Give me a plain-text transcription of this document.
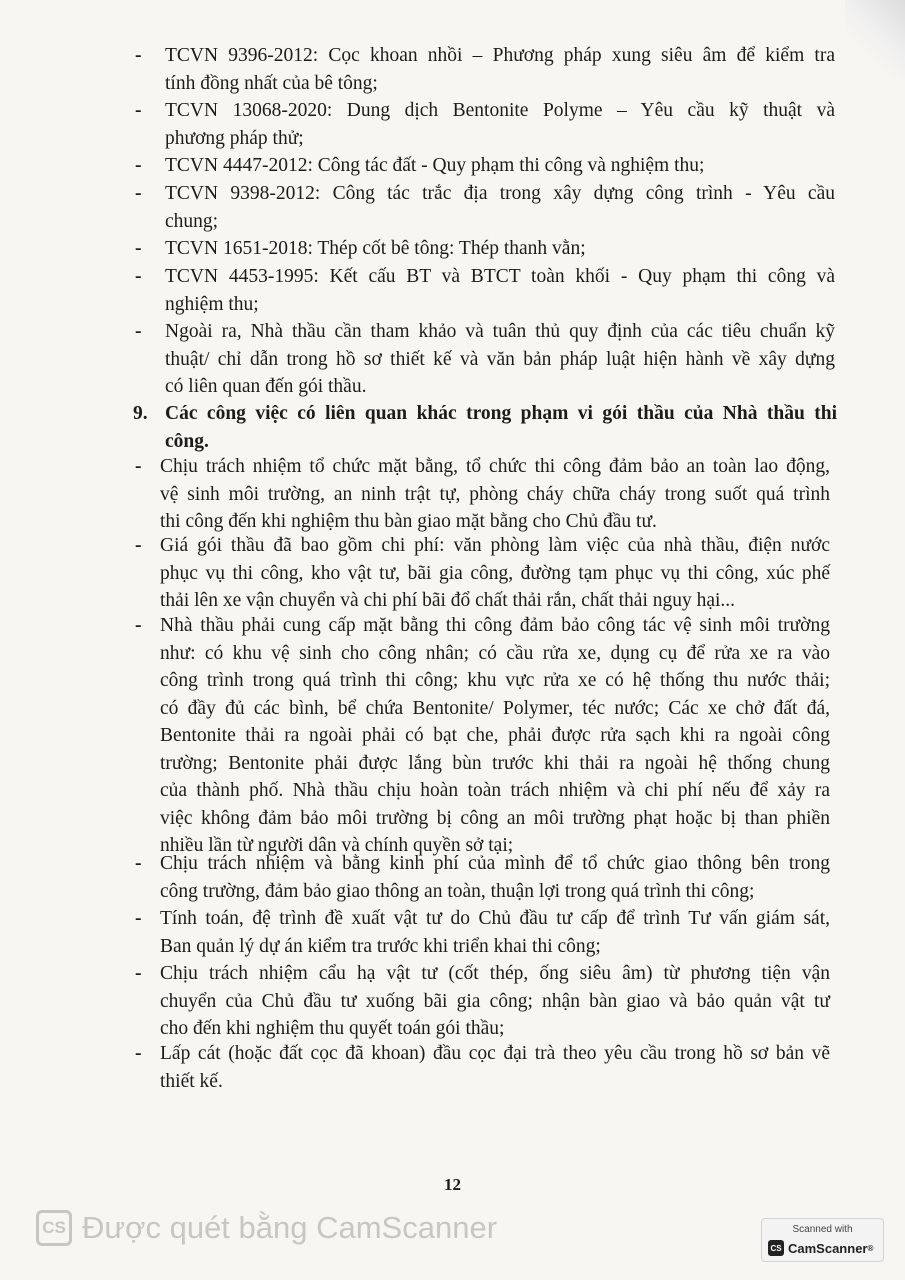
- TCVN 9396-2012: Cọc khoan nhồi – Phương pháp xung siêu âm để kiểm tra
tính đồng nhất của bê tông;
- TCVN 13068-2020: Dung dịch Bentonite Polyme – Yêu cầu kỹ thuật và
phương pháp thử;
- TCVN 4447-2012: Công tác đất - Quy phạm thi công và nghiệm thu;
- TCVN 9398-2012: Công tác trắc địa trong xây dựng công trình - Yêu cầu
chung;
- TCVN 1651-2018: Thép cốt bê tông: Thép thanh vằn;
- TCVN 4453-1995: Kết cấu BT và BTCT toàn khối - Quy phạm thi công và
nghiệm thu;
- Ngoài ra, Nhà thầu cần tham khảo và tuân thủ quy định của các tiêu chuẩn kỹ
thuật/ chỉ dẫn trong hồ sơ thiết kế và văn bản pháp luật hiện hành về xây dựng
có liên quan đến gói thầu.
9. Các công việc có liên quan khác trong phạm vi gói thầu của Nhà thầu thi
công.
- Chịu trách nhiệm tổ chức mặt bằng, tổ chức thi công đảm bảo an toàn lao động,
vệ sinh môi trường, an ninh trật tự, phòng cháy chữa cháy trong suốt quá trình
thi công đến khi nghiệm thu bàn giao mặt bằng cho Chủ đầu tư.
- Giá gói thầu đã bao gồm chi phí: văn phòng làm việc của nhà thầu, điện nước
phục vụ thi công, kho vật tư, bãi gia công, đường tạm phục vụ thi công, xúc phế
thải lên xe vận chuyển và chi phí bãi đổ chất thải rắn, chất thải nguy hại...
- Nhà thầu phải cung cấp mặt bằng thi công đảm bảo công tác vệ sinh môi trường
như: có khu vệ sinh cho công nhân; có cầu rửa xe, dụng cụ để rửa xe ra vào
công trình trong quá trình thi công; khu vực rửa xe có hệ thống thu nước thải;
có đầy đủ các bình, bể chứa Bentonite/ Polymer, téc nước; Các xe chở đất đá,
Bentonite thải ra ngoài phải có bạt che, phải được rửa sạch khi ra ngoài công
trường; Bentonite phải được lắng bùn trước khi thải ra ngoài hệ thống chung
của thành phố. Nhà thầu chịu hoàn toàn trách nhiệm và chi phí nếu để xảy ra
việc không đảm bảo môi trường bị công an môi trường phạt hoặc bị than phiền
nhiều lần từ người dân và chính quyền sở tại;
- Chịu trách nhiệm và bằng kinh phí của mình để tổ chức giao thông bên trong
công trường, đảm bảo giao thông an toàn, thuận lợi trong quá trình thi công;
- Tính toán, đệ trình đề xuất vật tư do Chủ đầu tư cấp để trình Tư vấn giám sát,
Ban quản lý dự án kiểm tra trước khi triển khai thi công;
- Chịu trách nhiệm cẩu hạ vật tư (cốt thép, ống siêu âm) từ phương tiện vận
chuyển của Chủ đầu tư xuống bãi gia công; nhận bàn giao và bảo quản vật tư
cho đến khi nghiệm thu quyết toán gói thầu;
- Lấp cát (hoặc đất cọc đã khoan) đầu cọc đại trà theo yêu cầu trong hồ sơ bản vẽ
thiết kế.
12
CS Được quét bằng CamScanner	Scanned with
CS CamScanner ®
